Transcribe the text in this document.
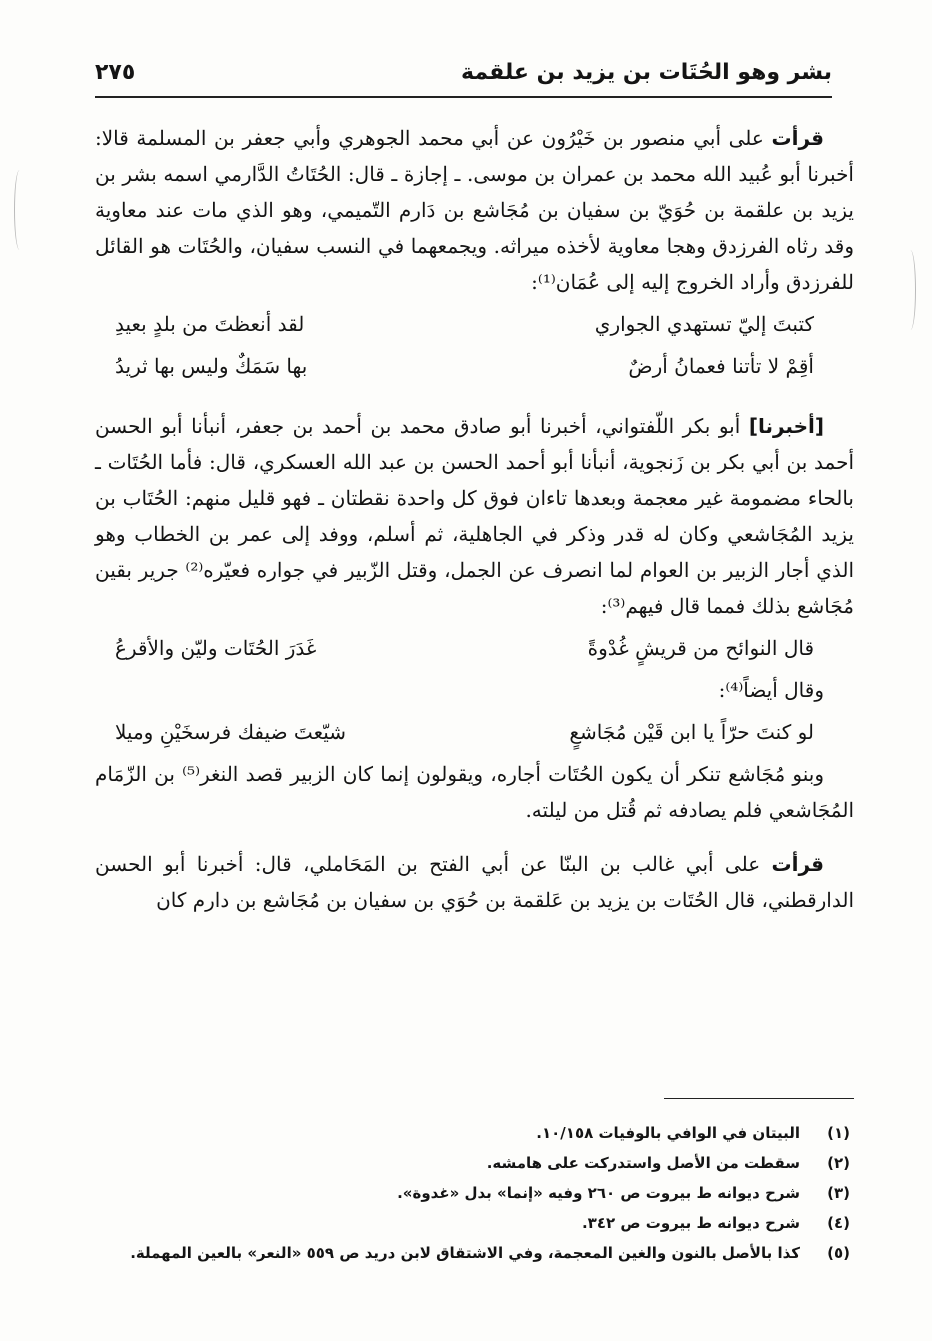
بشر وهو الحُتَات بن يزيد بن علقمة
٢٧٥

قرأت على أبي منصور بن خَيْرُون عن أبي محمد الجوهري وأبي جعفر بن المسلمة قالا: أخبرنا أبو عُبيد الله محمد بن عمران بن موسى. ـ إجازة ـ قال: الحُتَاتُ الدَّارمي اسمه بشر بن يزيد بن علقمة بن حُوَيّ بن سفيان بن مُجَاشع بن دَارم التّميمي، وهو الذي مات عند معاوية وقد رثاه الفرزدق وهجا معاوية لأخذه ميراثه. ويجمعهما في النسب سفيان، والحُتَات هو القائل للفرزدق وأراد الخروج إليه إلى عُمَان⁽¹⁾:

كتبتَ إليّ تستهدي الجواري
لقد أنعظتَ من بلدٍ بعيدِ
أقِمْ لا تأتنا فعمانُ أرضٌ
بها سَمَكٌ وليس بها ثريدُ

[أخبرنا] أبو بكر اللّفتواني، أخبرنا أبو صادق محمد بن أحمد بن جعفر، أنبأنا أبو الحسن أحمد بن أبي بكر بن زَنجوية، أنبأنا أبو أحمد الحسن بن عبد الله العسكري، قال: فأما الحُتَات ـ بالحاء مضمومة غير معجمة وبعدها تاءان فوق كل واحدة نقطتان ـ فهو قليل منهم: الحُتَاب بن يزيد المُجَاشعي وكان له قدر وذكر في الجاهلية، ثم أسلم، ووفد إلى عمر بن الخطاب وهو الذي أجار الزبير بن العوام لما انصرف عن الجمل، وقتل الزّبير في جواره فعيّره⁽²⁾ جرير بقين مُجَاشع بذلك فمما قال فيهم⁽³⁾:

قال النوائح من قريشٍ غُدْوةً
غَدَرَ الحُتَات وليّن والأقرعُ
وقال أيضاً⁽⁴⁾:
لو كنتَ حرّاً يا ابن قَيْن مُجَاشعٍ
شيّعتَ ضيفك فرسخَيْنِ وميلا

وبنو مُجَاشع تنكر أن يكون الحُتَات أجاره، ويقولون إنما كان الزبير قصد النغر⁽⁵⁾ بن الزّمَام المُجَاشعي فلم يصادفه ثم قُتل من ليلته.

قرأت على أبي غالب بن البنّا عن أبي الفتح بن المَحَاملي، قال: أخبرنا أبو الحسن الدارقطني، قال الحُتَات بن يزيد بن عَلقمة بن حُوَي بن سفيان بن مُجَاشع بن دارم كان

(١)
البيتان في الوافي بالوفيات ١٠/١٥٨.
(٢)
سقطت من الأصل واستدركت على هامشه.
(٣)
شرح ديوانه ط بيروت ص ٢٦٠ وفيه «إنما» بدل «غدوة».
(٤)
شرح ديوانه ط بيروت ص ٣٤٢.
(٥)
كذا بالأصل بالنون والغين المعجمة، وفي الاشتقاق لابن دريد ص ٥٥٩ «النعر» بالعين المهملة.
